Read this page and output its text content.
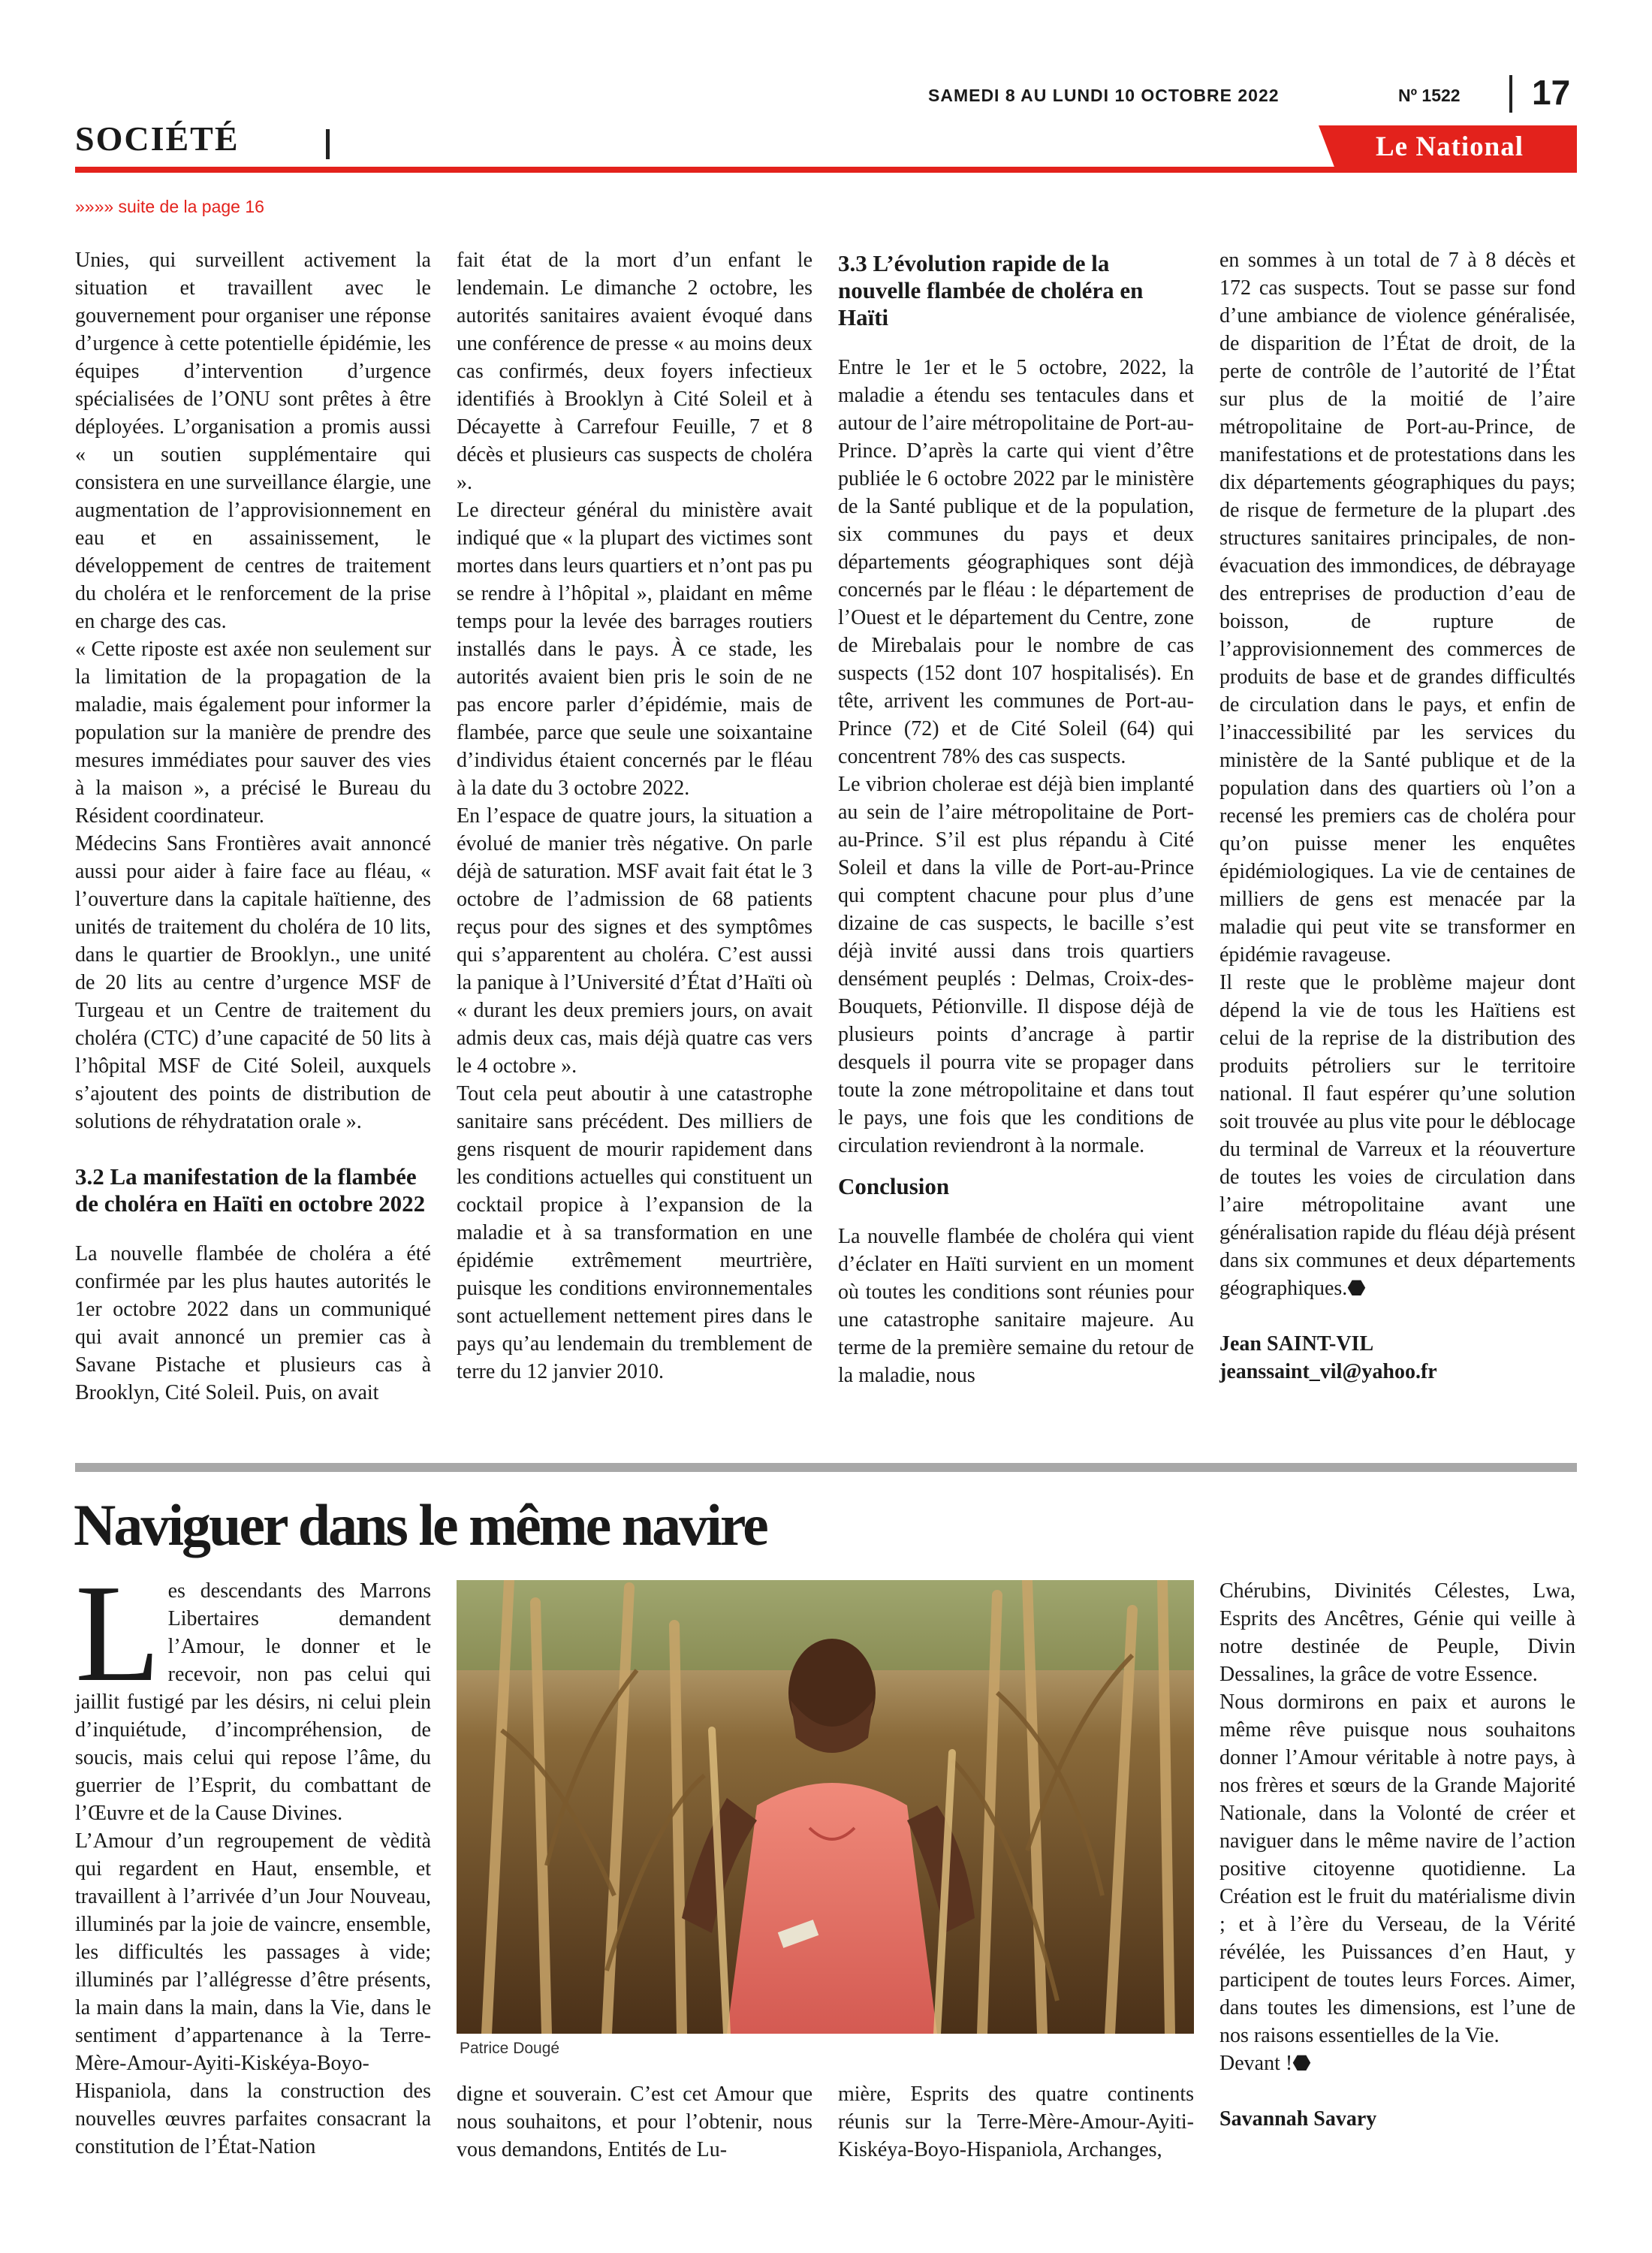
SAMEDI 8 AU LUNDI 10 OCTOBRE 2022	Nº 1522 17
SOCIÉTÉ	Le National
»»»» suite de la page 16

Unies, qui surveillent activement la situation et travaillent avec le gouvernement pour organiser une réponse d’urgence à cette potentielle épidémie, les équipes d’intervention d’urgence spécialisées de l’ONU sont prêtes à être déployées. L’organisation a promis aussi « un soutien supplémentaire qui consistera en une surveillance élargie, une augmentation de l’approvisionnement en eau et en assainissement, le développement de centres de traitement du choléra et le renforcement de la prise en charge des cas.

« Cette riposte est axée non seulement sur la limitation de la propagation de la maladie, mais également pour informer la population sur la manière de prendre des mesures immédiates pour sauver des vies à la maison », a précisé le Bureau du Résident coordinateur.

Médecins Sans Frontières avait annoncé aussi pour aider à faire face au fléau, « l’ouverture dans la capitale haïtienne, des unités de traitement du choléra de 10 lits, dans le quartier de Brooklyn., une unité de 20 lits au centre d’urgence MSF de Turgeau et un Centre de traitement du choléra (CTC) d’une capacité de 50 lits à l’hôpital MSF de Cité Soleil, auxquels s’ajoutent des points de distribution de solutions de réhydratation orale ».

3.2 La manifestation de la flambée de choléra en Haïti en octobre 2022

La nouvelle flambée de choléra a été confirmée par les plus hautes autorités le 1er octobre 2022 dans un communiqué qui avait annoncé un premier cas à Savane Pistache et plusieurs cas à Brooklyn, Cité Soleil. Puis, on avait

fait état de la mort d’un enfant le lendemain. Le dimanche 2 octobre, les autorités sanitaires avaient évoqué dans une conférence de presse « au moins deux cas confirmés, deux foyers infectieux identifiés à Brooklyn à Cité Soleil et à Décayette à Carrefour Feuille, 7 et 8 décès et plusieurs cas suspects de choléra ».

Le directeur général du ministère avait indiqué que « la plupart des victimes sont mortes dans leurs quartiers et n’ont pas pu se rendre à l’hôpital », plaidant en même temps pour la levée des barrages routiers installés dans le pays. À ce stade, les autorités avaient bien pris le soin de ne pas encore parler d’épidémie, mais de flambée, parce que seule une soixantaine d’individus étaient concernés par le fléau à la date du 3 octobre 2022.

En l’espace de quatre jours, la situation a évolué de manier très négative. On parle déjà de saturation. MSF avait fait état le 3 octobre de l’admission de 68 patients reçus pour des signes et des symptômes qui s’apparentent au choléra. C’est aussi la panique à l’Université d’État d’Haïti où « durant les deux premiers jours, on avait admis deux cas, mais déjà quatre cas vers le 4 octobre ».

Tout cela peut aboutir à une catastrophe sanitaire sans précédent. Des milliers de gens risquent de mourir rapidement dans les conditions actuelles qui constituent un cocktail propice à l’expansion de la maladie et à sa transformation en une épidémie extrêmement meurtrière, puisque les conditions environnementales sont actuellement nettement pires dans le pays qu’au lendemain du tremblement de terre du 12 janvier 2010.

3.3 L’évolution rapide de la nouvelle flambée de choléra en Haïti

Entre le 1er et le 5 octobre, 2022, la maladie a étendu ses tentacules dans et autour de l’aire métropolitaine de Port-au-Prince. D’après la carte qui vient d’être publiée le 6 octobre 2022 par le ministère de la Santé publique et de la population, six communes du pays et deux départements géographiques sont déjà concernés par le fléau : le département de l’Ouest et le département du Centre, zone de Mirebalais pour le nombre de cas suspects (152 dont 107 hospitalisés). En tête, arrivent les communes de Port-au-Prince (72) et de Cité Soleil (64) qui concentrent 78% des cas suspects.

Le vibrion cholerae est déjà bien implanté au sein de l’aire métropolitaine de Port-au-Prince. S’il est plus répandu à Cité Soleil et dans la ville de Port-au-Prince qui comptent chacune pour plus d’une dizaine de cas suspects, le bacille s’est déjà invité aussi dans trois quartiers densément peuplés : Delmas, Croix-des-Bouquets, Pétionville. Il dispose déjà de plusieurs points d’ancrage à partir desquels il pourra vite se propager dans toute la zone métropolitaine et dans tout le pays, une fois que les conditions de circulation reviendront à la normale.

Conclusion

La nouvelle flambée de choléra qui vient d’éclater en Haïti survient en un moment où toutes les conditions sont réunies pour une catastrophe sanitaire majeure. Au terme de la première semaine du retour de la maladie, nous

en sommes à un total de 7 à 8 décès et 172 cas suspects. Tout se passe sur fond d’une ambiance de violence généralisée, de disparition de l’État de droit, de la perte de contrôle de l’autorité de l’État sur plus de la moitié de l’aire métropolitaine de Port-au-Prince, de manifestations et de protestations dans les dix départements géographiques du pays; de risque de fermeture de la plupart .des structures sanitaires principales, de non-évacuation des immondices, de débrayage des entreprises de production d’eau de boisson, de rupture de l’approvisionnement des commerces de produits de base et de grandes difficultés de circulation dans le pays, et enfin de l’inaccessibilité par les services du ministère de la Santé publique et de la population dans des quartiers où l’on a recensé les premiers cas de choléra pour qu’on puisse mener les enquêtes épidémiologiques. La vie de centaines de milliers de gens est menacée par la maladie qui peut vite se transformer en épidémie ravageuse.

Il reste que le problème majeur dont dépend la vie de tous les Haïtiens est celui de la reprise de la distribution des produits pétroliers sur le territoire national. Il faut espérer qu’une solution soit trouvée au plus vite pour le déblocage du terminal de Varreux et la réouverture de toutes les voies de circulation dans l’aire métropolitaine avant une généralisation rapide du fléau déjà présent dans six communes et deux départements géographiques.⬣

Jean SAINT-VIL

jeanssaint_vil@yahoo.fr

Naviguer dans le même navire

Les descendants des Marrons Libertaires demandent l’Amour, le donner et le recevoir, non pas celui qui jaillit fustigé par les désirs, ni celui plein d’inquiétude, d’incompréhension, de soucis, mais celui qui repose l’âme, du guerrier de l’Esprit, du combattant de l’Œuvre et de la Cause Divines.

L’Amour d’un regroupement de vèdità qui regardent en Haut, ensemble, et travaillent à l’arrivée d’un Jour Nouveau, illuminés par la joie de vaincre, ensemble, les difficultés les passages à vide; illuminés par l’allégresse d’être présents, la main dans la main, dans la Vie, dans le sentiment d’appartenance à la Terre-Mère-Amour-Ayiti-Kiskéya-Boyo-Hispaniola, dans la construction des nouvelles œuvres parfaites consacrant la constitution de l’État-Nation

Patrice Dougé

digne et souverain. C’est cet Amour que nous souhaitons, et pour l’obtenir, nous vous demandons, Entités de Lu-

mière, Esprits des quatre continents réunis sur la Terre-Mère-Amour-Ayiti-Kiskéya-Boyo-Hispaniola, Archanges,

Chérubins, Divinités Célestes, Lwa, Esprits des Ancêtres, Génie qui veille à notre destinée de Peuple, Divin Dessalines, la grâce de votre Essence.

Nous dormirons en paix et aurons le même rêve puisque nous souhaitons donner l’Amour véritable à notre pays, à nos frères et sœurs de la Grande Majorité Nationale, dans la Volonté de créer et naviguer dans le même navire de l’action positive citoyenne quotidienne. La Création est le fruit du matérialisme divin ; et à l’ère du Verseau, de la Vérité révélée, les Puissances d’en Haut, y participent de toutes leurs Forces. Aimer, dans toutes les dimensions, est l’une de nos raisons essentielles de la Vie.

Devant !⬣

Savannah Savary
